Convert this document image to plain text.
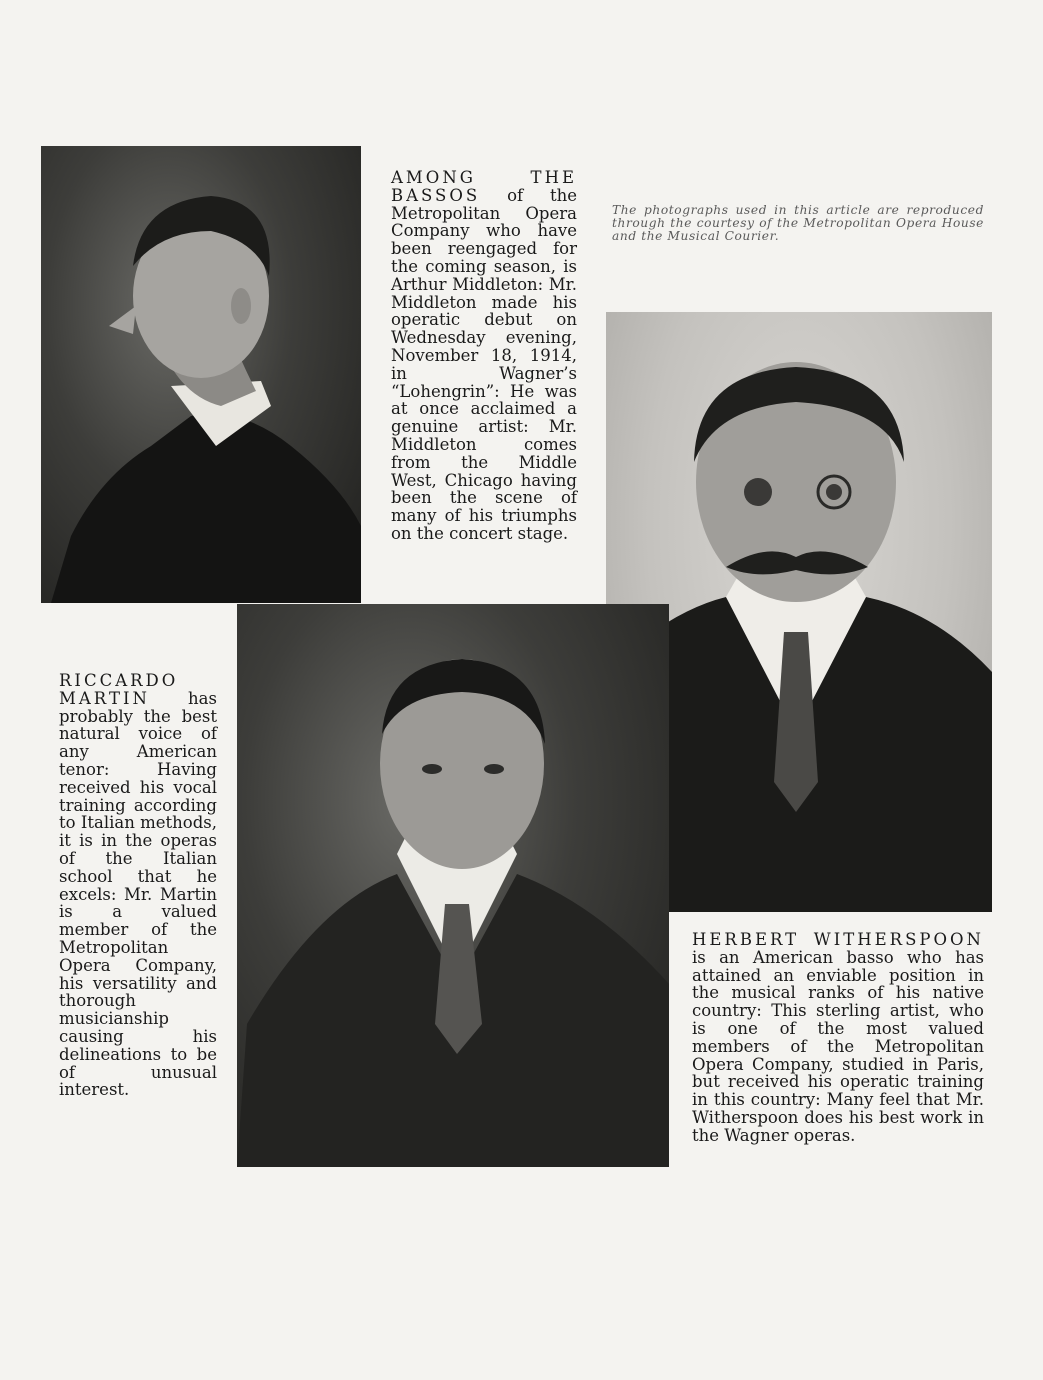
AMONG THE BASSOS of the Metropolitan Opera Company who have been reengaged for the coming season, is Arthur Middleton: Mr. Middleton made his operatic debut on Wednesday evening, November 18, 1914, in Wagner’s “Lohengrin”: He was at once acclaimed a genuine artist: Mr. Middleton comes from the Middle West, Chicago having been the scene of many of his triumphs on the concert stage.
The photographs used in this article are reproduced through the courtesy of the Metropolitan Opera House and the Musical Courier.
RICCARDO MARTIN has probably the best natural voice of any American tenor: Having received his vocal training according to Italian methods, it is in the operas of the Italian school that he excels: Mr. Martin is a valued member of the Metropolitan Opera Company, his versatility and thorough musicianship causing his delineations to be of unusual interest.
HERBERT WITHERSPOON is an American basso who has attained an enviable position in the musical ranks of his native country: This sterling artist, who is one of the most valued members of the Metropolitan Opera Company, studied in Paris, but received his operatic training in this country: Many feel that Mr. Witherspoon does his best work in the Wagner operas.
